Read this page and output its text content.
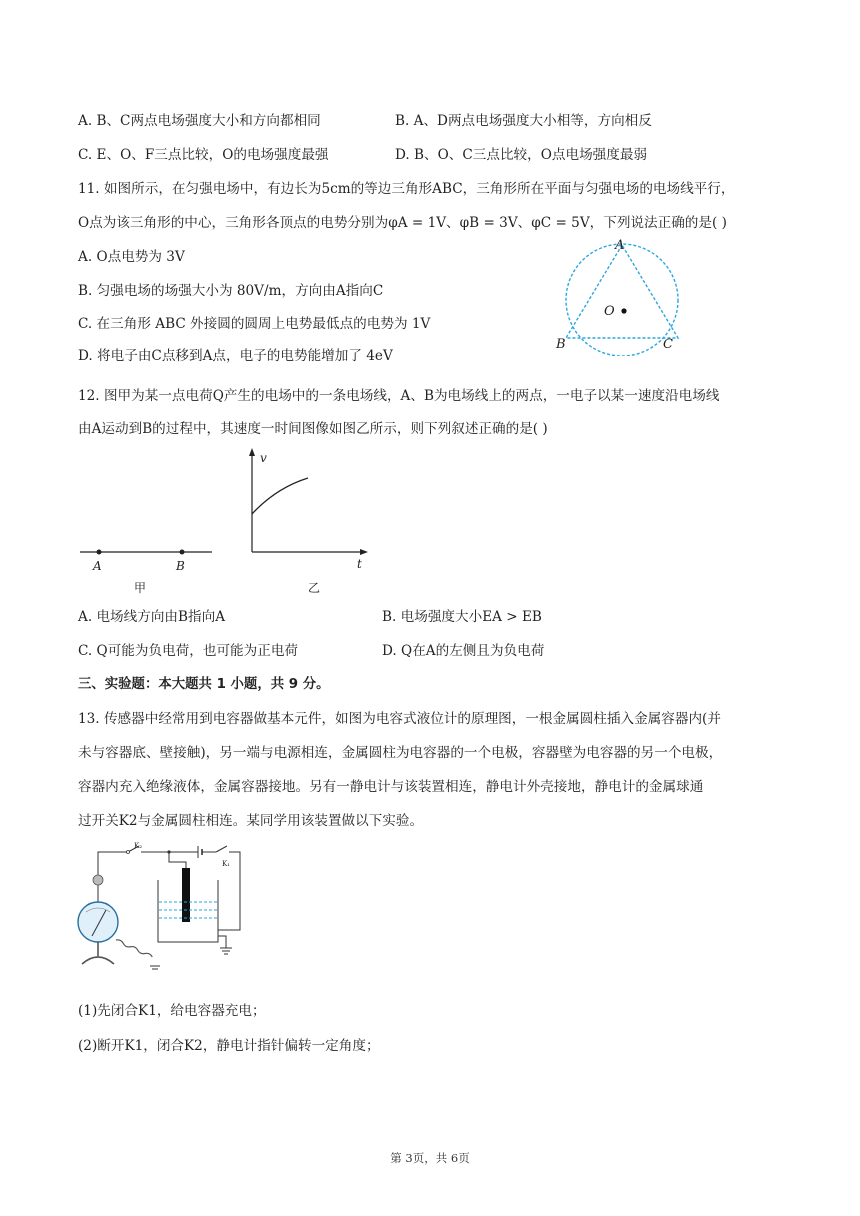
A. B、C两点电场强度大小和方向都相同	B. A、D两点电场强度大小相等，方向相反
C. E、O、F三点比较，O的电场强度最强	D. B、O、C三点比较，O点电场强度最弱
11. 如图所示，在匀强电场中，有边长为5cm的等边三角形ABC，三角形所在平面与匀强电场的电场线平行，
O点为该三角形的中心，三角形各顶点的电势分别为φA = 1V、φB = 3V、φC = 5V，下列说法正确的是( )
A. O点电势为 3V
B. 匀强电场的场强大小为 80V/m，方向由A指向C
C. 在三角形 ABC 外接圆的圆周上电势最低点的电势为 1V
D. 将电子由C点移到A点，电子的电势能增加了 4eV
A
O
B	C
12. 图甲为某一点电荷Q产生的电场中的一条电场线，A、B为电场线上的两点，一电子以某一速度沿电场线
由A运动到B的过程中，其速度一时间图像如图乙所示，则下列叙述正确的是( )
A	B
甲
v
t
乙
A. 电场线方向由B指向A	B. 电场强度大小EA > EB
C. Q可能为负电荷，也可能为正电荷	D. Q在A的左侧且为负电荷
三、实验题：本大题共 1 小题，共 9 分。
13. 传感器中经常用到电容器做基本元件，如图为电容式液位计的原理图，一根金属圆柱插入金属容器内(并
未与容器底、壁接触)，另一端与电源相连，金属圆柱为电容器的一个电极，容器壁为电容器的另一个电极，
容器内充入绝缘液体，金属容器接地。另有一静电计与该装置相连，静电计外壳接地，静电计的金属球通
过开关K2与金属圆柱相连。某同学用该装置做以下实验。
K₂
K₁
(1)先闭合K1，给电容器充电；
(2)断开K1，闭合K2，静电计指针偏转一定角度；
第 3页，共 6页
